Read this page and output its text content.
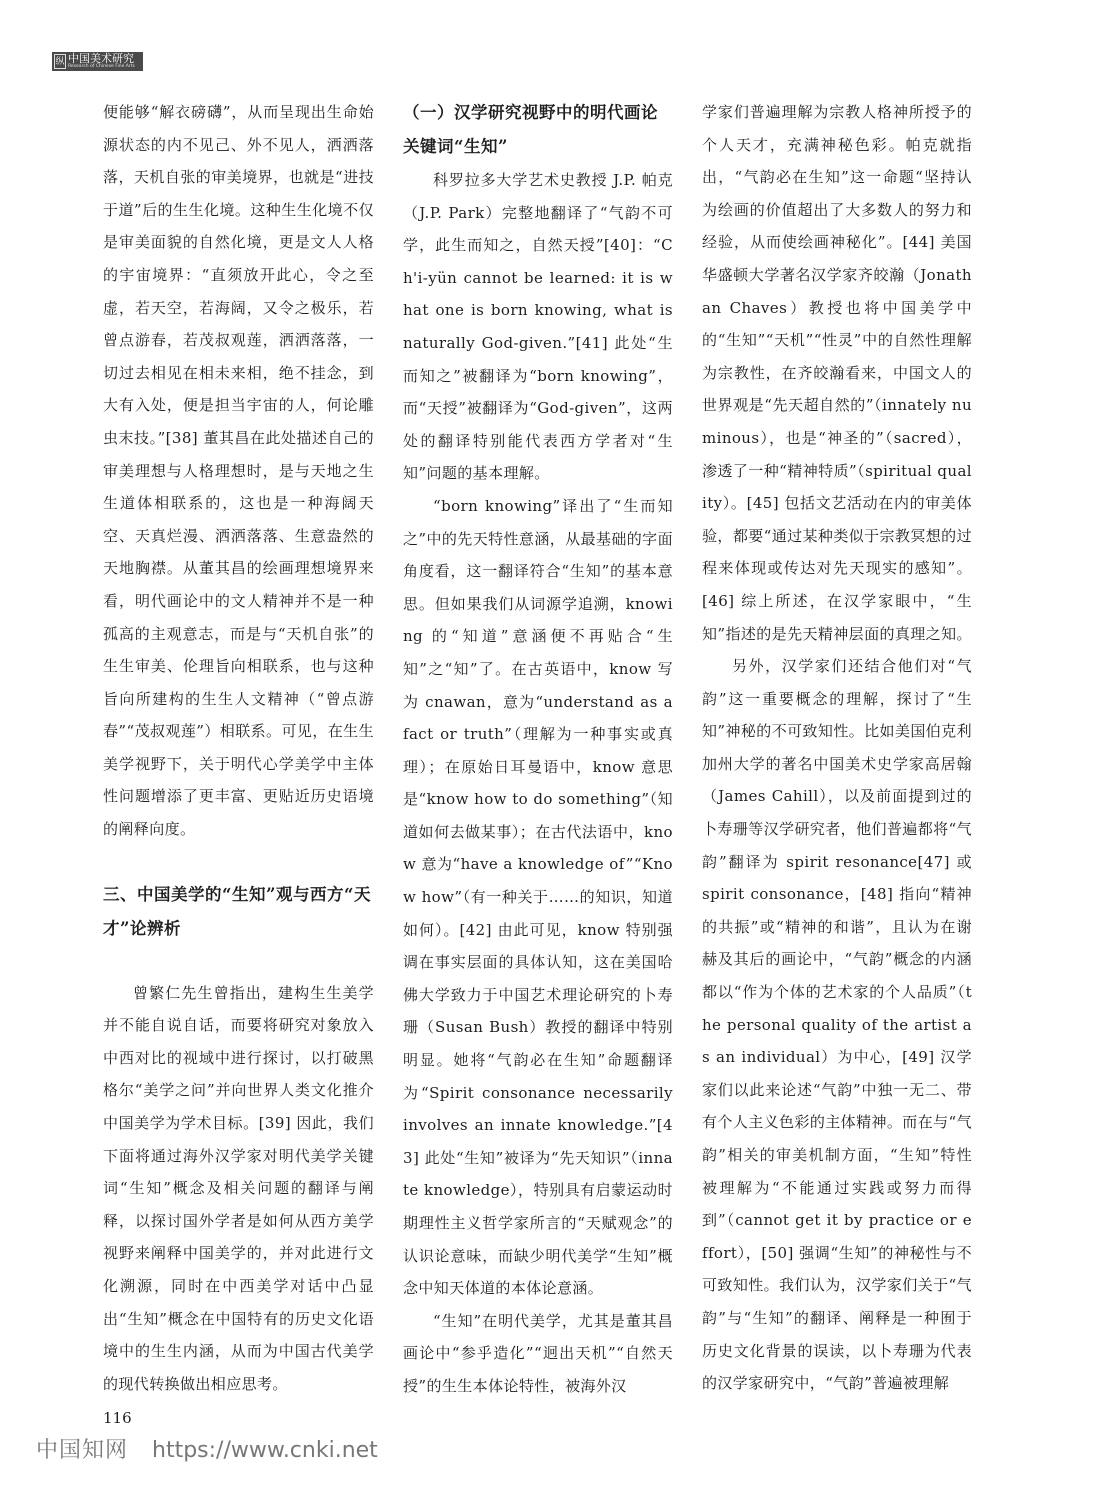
纵 中国美术研究
Research of Chinese Fine Arts

便能够“解衣磅礴”，从而呈现出生命始源状态的内不见己、外不见人，洒洒落落，天机自张的审美境界，也就是“进技于道”后的生生化境。这种生生化境不仅是审美面貌的自然化境，更是文人人格的宇宙境界：“直须放开此心，令之至虚，若天空，若海阔，又令之极乐，若曾点游春，若茂叔观莲，洒洒落落，一切过去相见在相未来相，绝不挂念，到大有入处，便是担当宇宙的人，何论雕虫末技。”[38] 董其昌在此处描述自己的审美理想与人格理想时，是与天地之生生道体相联系的，这也是一种海阔天空、天真烂漫、洒洒落落、生意盎然的天地胸襟。从董其昌的绘画理想境界来看，明代画论中的文人精神并不是一种孤高的主观意志，而是与“天机自张”的生生审美、伦理旨向相联系，也与这种旨向所建构的生生人文精神（“曾点游春”“茂叔观莲”）相联系。可见，在生生美学视野下，关于明代心学美学中主体性问题增添了更丰富、更贴近历史语境的阐释向度。

三、中国美学的“生知”观与西方“天才”论辨析

曾繁仁先生曾指出，建构生生美学并不能自说自话，而要将研究对象放入中西对比的视域中进行探讨，以打破黑格尔“美学之问”并向世界人类文化推介中国美学为学术目标。[39] 因此，我们下面将通过海外汉学家对明代美学关键词“生知”概念及相关问题的翻译与阐释，以探讨国外学者是如何从西方美学视野来阐释中国美学的，并对此进行文化溯源，同时在中西美学对话中凸显出“生知”概念在中国特有的历史文化语境中的生生内涵，从而为中国古代美学的现代转换做出相应思考。

（一）汉学研究视野中的明代画论关键词“生知”

科罗拉多大学艺术史教授 J.P. 帕克（J.P. Park）完整地翻译了“气韵不可学，此生而知之，自然天授”[40]：“Ch'i-yün cannot be learned: it is what one is born knowing, what is naturally God-given.”[41] 此处“生而知之”被翻译为“born knowing”，而“天授”被翻译为“God-given”，这两处的翻译特别能代表西方学者对“生知”问题的基本理解。

“born knowing”译出了“生而知之”中的先天特性意涵，从最基础的字面角度看，这一翻译符合“生知”的基本意思。但如果我们从词源学追溯，knowing 的“知道”意涵便不再贴合“生知”之“知”了。在古英语中，know 写为 cnawan，意为“understand as a fact or truth”（理解为一种事实或真理）；在原始日耳曼语中，know 意思是“know how to do something”（知道如何去做某事）；在古代法语中，know 意为“have a knowledge of”“Know how”（有一种关于……的知识，知道如何）。[42] 由此可见，know 特别强调在事实层面的具体认知，这在美国哈佛大学致力于中国艺术理论研究的卜寿珊（Susan Bush）教授的翻译中特别明显。她将“气韵必在生知”命题翻译为“Spirit consonance necessarily involves an innate knowledge.”[43] 此处“生知”被译为“先天知识”（innate knowledge），特别具有启蒙运动时期理性主义哲学家所言的“天赋观念”的认识论意味，而缺少明代美学“生知”概念中知天体道的本体论意涵。

“生知”在明代美学，尤其是董其昌画论中“参乎造化”“迥出天机”“自然天授”的生生本体论特性，被海外汉

学家们普遍理解为宗教人格神所授予的个人天才，充满神秘色彩。帕克就指出，“气韵必在生知”这一命题“坚持认为绘画的价值超出了大多数人的努力和经验，从而使绘画神秘化”。[44] 美国华盛顿大学著名汉学家齐皎瀚（Jonathan Chaves）教授也将中国美学中的“生知”“天机”“性灵”中的自然性理解为宗教性，在齐皎瀚看来，中国文人的世界观是“先天超自然的”（innately numinous），也是“神圣的”（sacred），渗透了一种“精神特质”（spiritual quality）。[45] 包括文艺活动在内的审美体验，都要“通过某种类似于宗教冥想的过程来体现或传达对先天现实的感知”。[46] 综上所述，在汉学家眼中，“生知”指述的是先天精神层面的真理之知。

另外，汉学家们还结合他们对“气韵”这一重要概念的理解，探讨了“生知”神秘的不可致知性。比如美国伯克利加州大学的著名中国美术史学家高居翰（James Cahill），以及前面提到过的卜寿珊等汉学研究者，他们普遍都将“气韵”翻译为 spirit resonance[47] 或 spirit consonance，[48] 指向“精神的共振”或“精神的和谐”，且认为在谢赫及其后的画论中，“气韵”概念的内涵都以“作为个体的艺术家的个人品质”（the personal quality of the artist as an individual）为中心，[49] 汉学家们以此来论述“气韵”中独一无二、带有个人主义色彩的主体精神。而在与“气韵”相关的审美机制方面，“生知”特性被理解为“不能通过实践或努力而得到”（cannot get it by practice or effort），[50] 强调“生知”的神秘性与不可致知性。我们认为，汉学家们关于“气韵”与“生知”的翻译、阐释是一种囿于历史文化背景的误读，以卜寿珊为代表的汉学家研究中，“气韵”普遍被理解

116
中国知网 https://www.cnki.net
